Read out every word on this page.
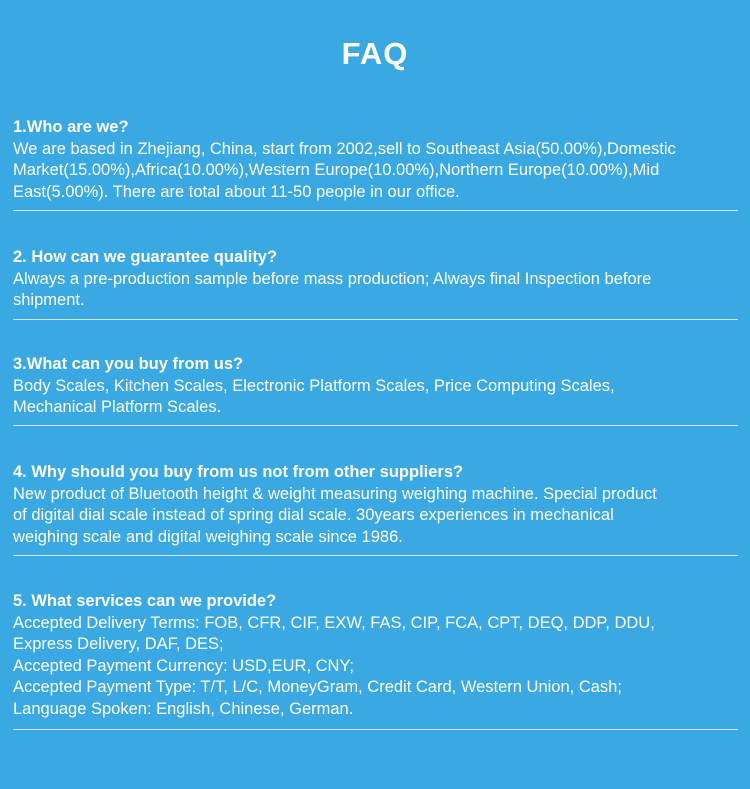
FAQ
1.Who are we?
We are based in Zhejiang, China, start from 2002,sell to Southeast Asia(50.00%),Domestic
Market(15.00%),Africa(10.00%),Western Europe(10.00%),Northern Europe(10.00%),Mid
East(5.00%). There are total about 11-50 people in our office.
2. How can we guarantee quality?
Always a pre-production sample before mass production; Always final Inspection before
shipment.
3.What can you buy from us?
Body Scales, Kitchen Scales, Electronic Platform Scales, Price Computing Scales,
Mechanical Platform Scales.
4. Why should you buy from us not from other suppliers?
New product of Bluetooth height & weight measuring weighing machine. Special product
of digital dial scale instead of spring dial scale. 30years experiences in mechanical
weighing scale and digital weighing scale since 1986.
5. What services can we provide?
Accepted Delivery Terms: FOB, CFR, CIF, EXW, FAS, CIP, FCA, CPT, DEQ, DDP, DDU,
Express Delivery, DAF, DES;
Accepted Payment Currency: USD,EUR, CNY;
Accepted Payment Type: T/T, L/C, MoneyGram, Credit Card, Western Union, Cash;
Language Spoken: English, Chinese, German.
